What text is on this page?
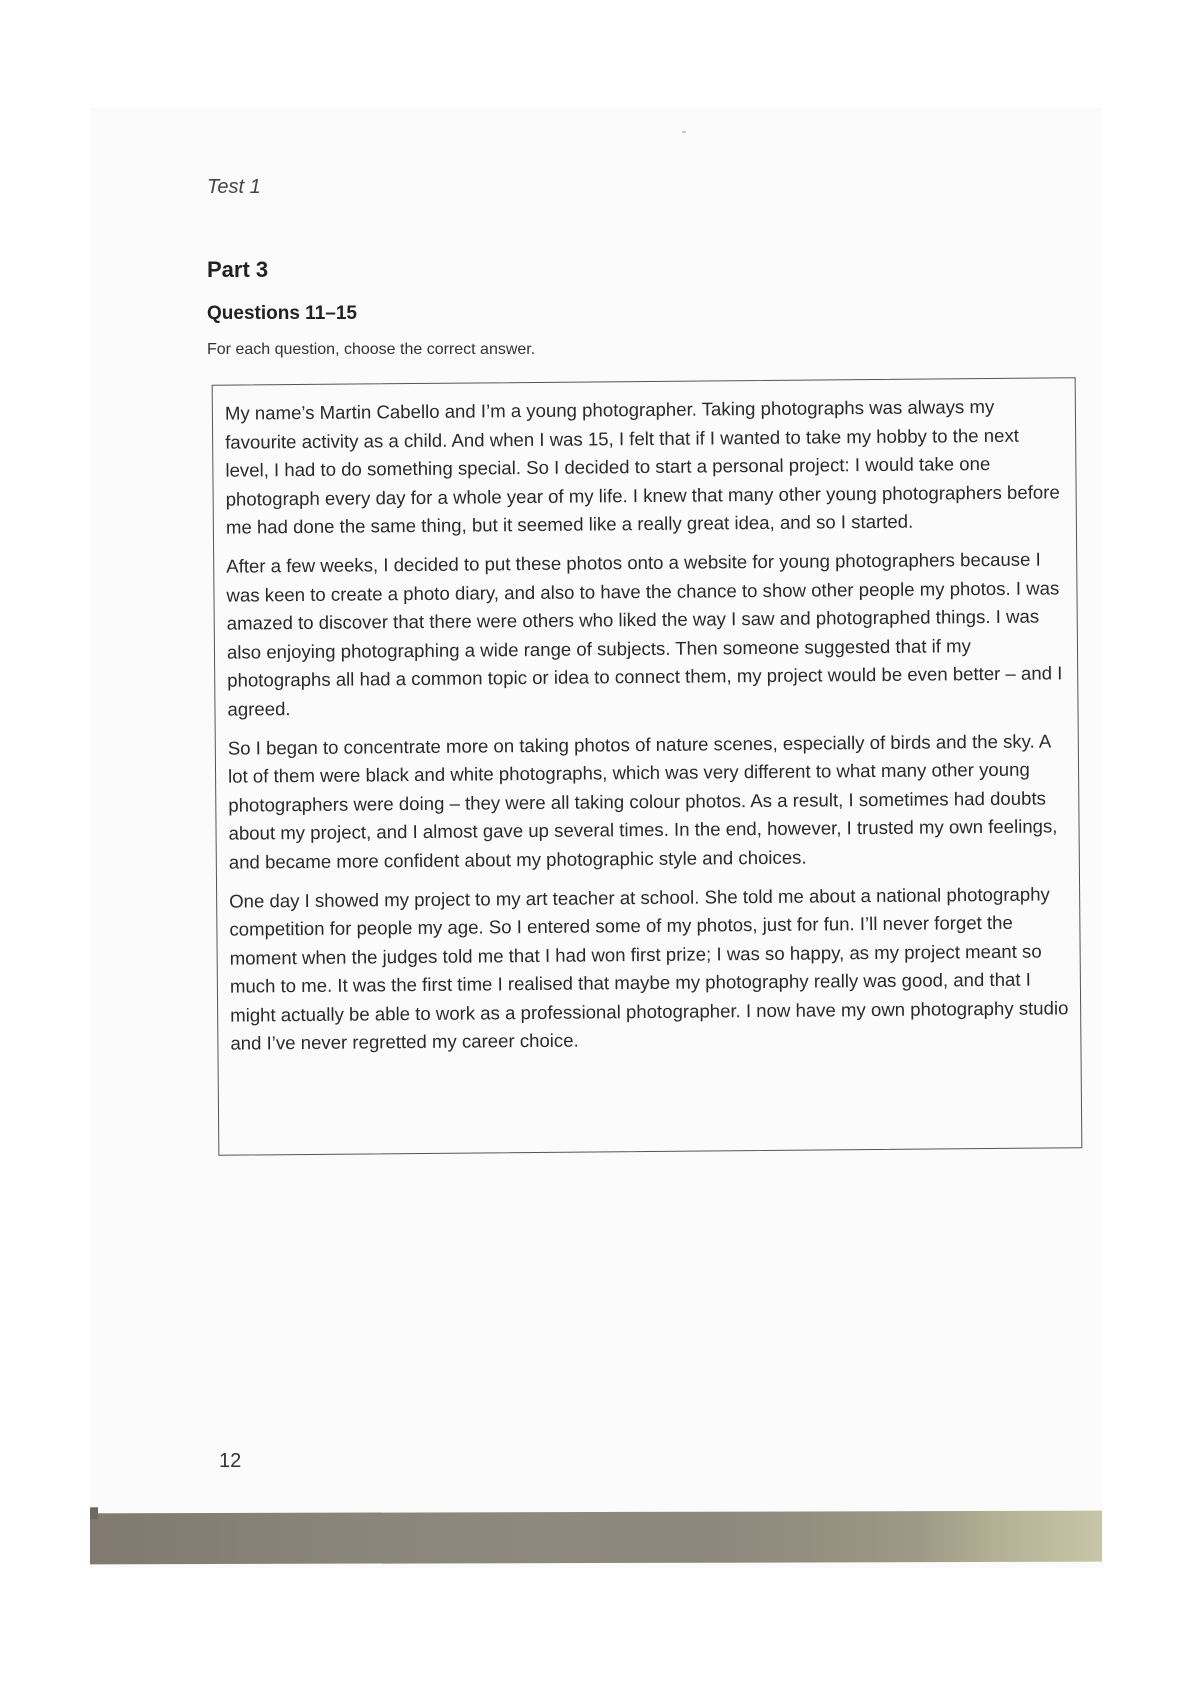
Test 1
Part 3
Questions 11–15
For each question, choose the correct answer.

My name’s Martin Cabello and I’m a young photographer. Taking photographs was always my favourite activity as a child. And when I was 15, I felt that if I wanted to take my hobby to the next level, I had to do something special. So I decided to start a personal project: I would take one photograph every day for a whole year of my life. I knew that many other young photographers before me had done the same thing, but it seemed like a really great idea, and so I started.

After a few weeks, I decided to put these photos onto a website for young photographers because I was keen to create a photo diary, and also to have the chance to show other people my photos. I was amazed to discover that there were others who liked the way I saw and photographed things. I was also enjoying photographing a wide range of subjects. Then someone suggested that if my photographs all had a common topic or idea to connect them, my project would be even better – and I agreed.

So I began to concentrate more on taking photos of nature scenes, especially of birds and the sky. A lot of them were black and white photographs, which was very different to what many other young photographers were doing – they were all taking colour photos. As a result, I sometimes had doubts about my project, and I almost gave up several times. In the end, however, I trusted my own feelings, and became more confident about my photographic style and choices.

One day I showed my project to my art teacher at school. She told me about a national photography competition for people my age. So I entered some of my photos, just for fun. I’ll never forget the moment when the judges told me that I had won first prize; I was so happy, as my project meant so much to me. It was the first time I realised that maybe my photography really was good, and that I might actually be able to work as a professional photographer. I now have my own photography studio and I’ve never regretted my career choice.

12
